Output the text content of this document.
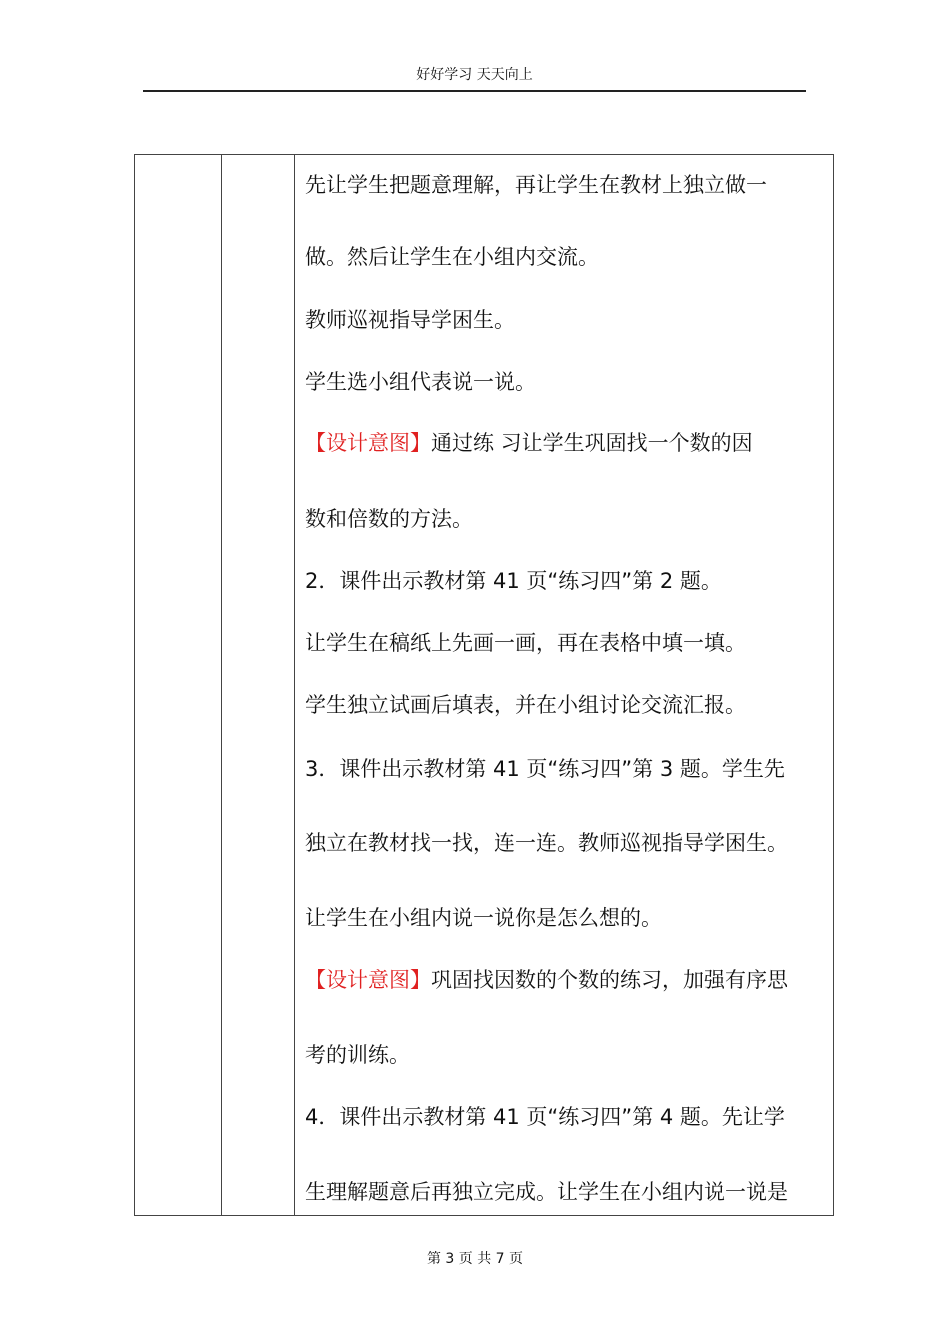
好好学习 天天向上
先让学生把题意理解，再让学生在教材上独立做一
做。然后让学生在小组内交流。
教师巡视指导学困生。
学生选小组代表说一说。
【设计意图】通过练 习让学生巩固找一个数的因
数和倍数的方法。
2．课件出示教材第 41 页“练习四”第 2 题。
让学生在稿纸上先画一画，再在表格中填一填。
学生独立试画后填表，并在小组讨论交流汇报。
3．课件出示教材第 41 页“练习四”第 3 题。学生先
独立在教材找一找，连一连。教师巡视指导学困生。
让学生在小组内说一说你是怎么想的。
【设计意图】巩固找因数的个数的练习，加强有序思
考的训练。
4．课件出示教材第 41 页“练习四”第 4 题。先让学
生理解题意后再独立完成。让学生在小组内说一说是
第 3 页 共 7 页
